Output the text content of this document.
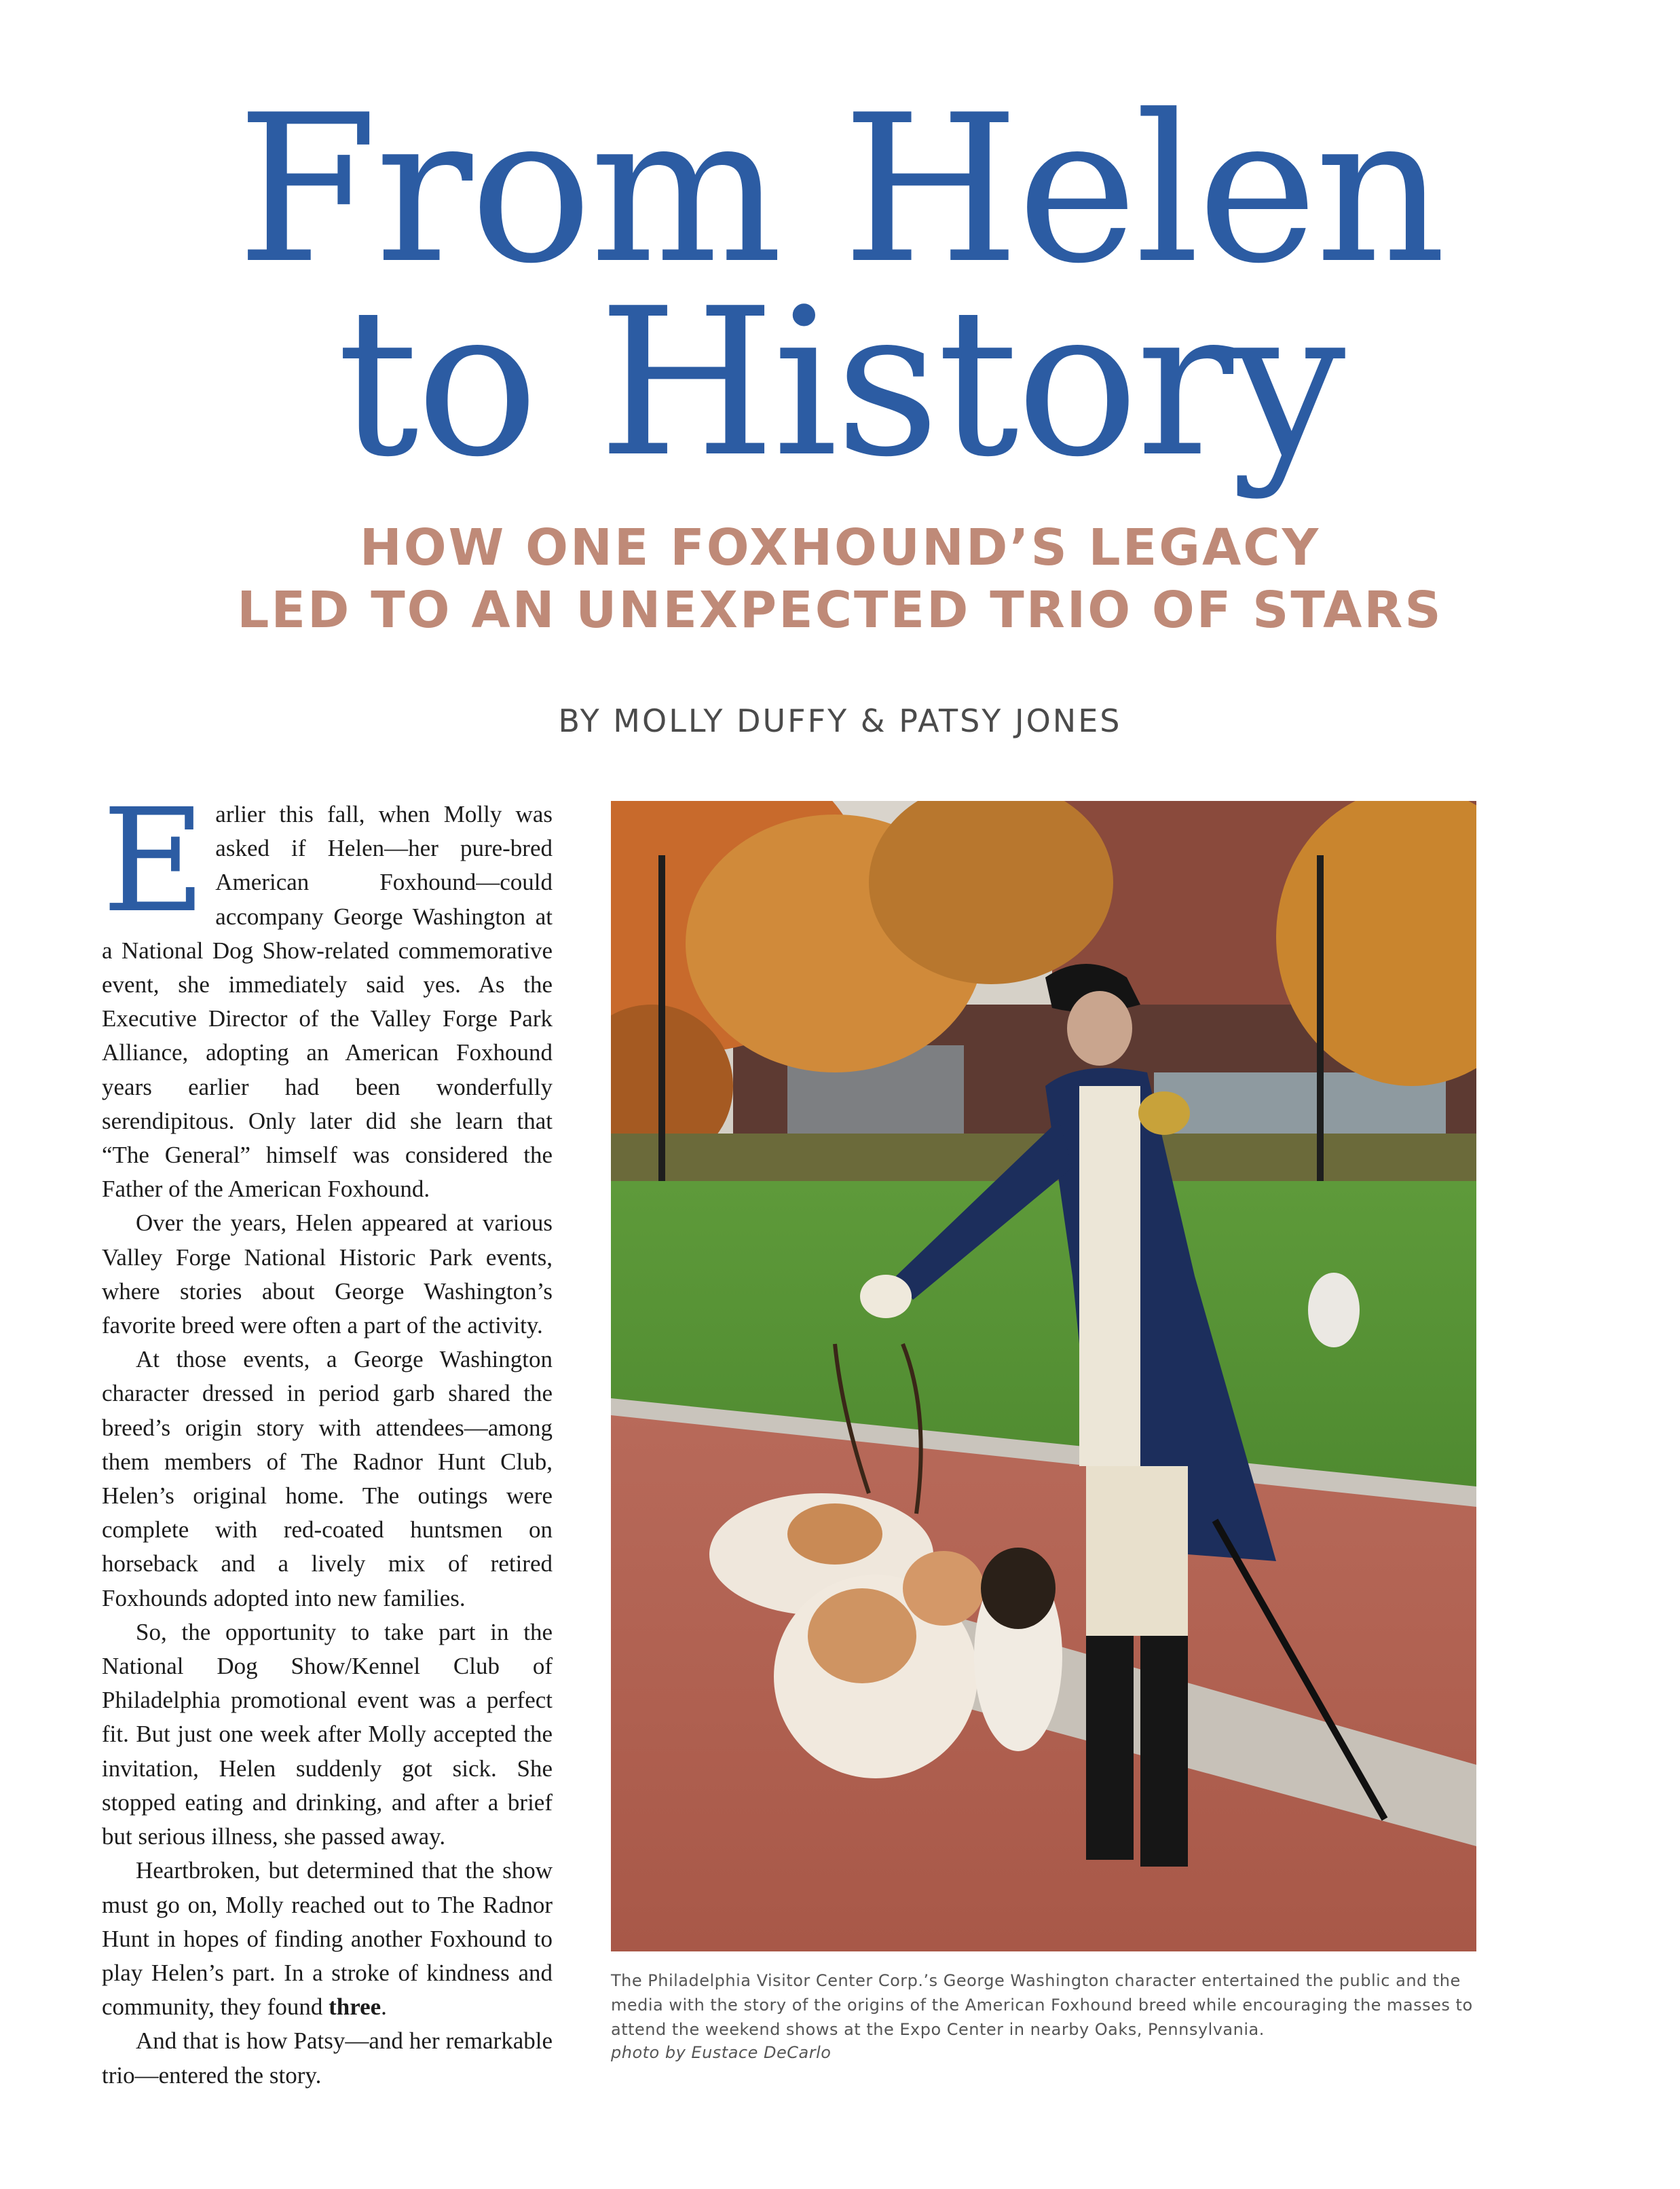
From Helen
to History
HOW ONE FOXHOUND’S LEGACY
LED TO AN UNEXPECTED TRIO OF STARS

BY MOLLY DUFFY & PATSY JONES

Earlier this fall, when Molly was asked if Helen—her pure-bred American Foxhound—could accompany George Washington at a National Dog Show-related commemorative event, she immediately said yes. As the Executive Director of the Valley Forge Park Alliance, adopting an American Foxhound years earlier had been wonderfully serendipitous. Only later did she learn that “The General” himself was considered the Father of the American Foxhound.

Over the years, Helen appeared at various Valley Forge National Historic Park events, where stories about George Washington’s favorite breed were often a part of the activity.

At those events, a George Washington character dressed in period garb shared the breed’s origin story with attendees—among them members of The Radnor Hunt Club, Helen’s original home. The outings were complete with red-coated huntsmen on horseback and a lively mix of retired Foxhounds adopted into new families.

So, the opportunity to take part in the National Dog Show/Kennel Club of Philadelphia promotional event was a perfect fit. But just one week after Molly accepted the invitation, Helen suddenly got sick. She stopped eating and drinking, and after a brief but serious illness, she passed away.

Heartbroken, but determined that the show must go on, Molly reached out to The Radnor Hunt in hopes of finding another Foxhound to play Helen’s part. In a stroke of kindness and community, they found three.

And that is how Patsy—and her remarkable trio—entered the story.

The Philadelphia Visitor Center Corp.’s George Washington character entertained the public and the media with the story of the origins of the American Foxhound breed while encouraging the masses to attend the weekend shows at the Expo Center in nearby Oaks, Pennsylvania.

photo by Eustace DeCarlo
